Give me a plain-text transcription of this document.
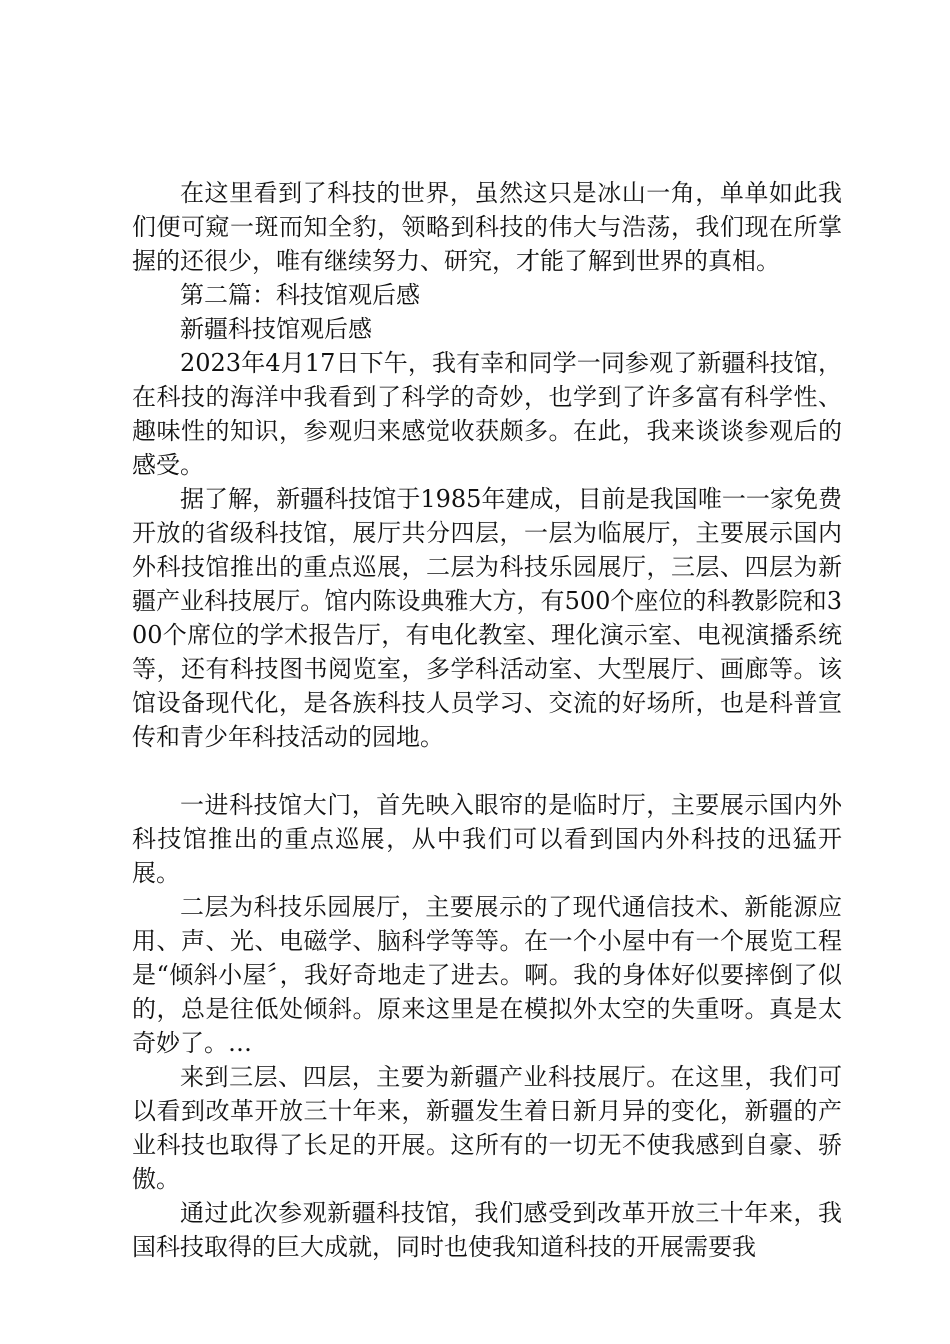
在这里看到了科技的世界，虽然这只是冰山一角，单单如此我们便可窥一斑而知全豹，领略到科技的伟大与浩荡，我们现在所掌握的还很少，唯有继续努力、研究，才能了解到世界的真相。

第二篇：科技馆观后感

新疆科技馆观后感

2023年4月17日下午，我有幸和同学一同参观了新疆科技馆，在科技的海洋中我看到了科学的奇妙，也学到了许多富有科学性、趣味性的知识，参观归来感觉收获颇多。在此，我来谈谈参观后的感受。

据了解，新疆科技馆于1985年建成，目前是我国唯一一家免费开放的省级科技馆，展厅共分四层，一层为临展厅，主要展示国内外科技馆推出的重点巡展，二层为科技乐园展厅，三层、四层为新疆产业科技展厅。馆内陈设典雅大方，有500个座位的科教影院和300个席位的学术报告厅，有电化教室、理化演示室、电视演播系统等，还有科技图书阅览室，多学科活动室、大型展厅、画廊等。该馆设备现代化，是各族科技人员学习、交流的好场所，也是科普宣传和青少年科技活动的园地。

一进科技馆大门，首先映入眼帘的是临时厅，主要展示国内外科技馆推出的重点巡展，从中我们可以看到国内外科技的迅猛开展。

二层为科技乐园展厅，主要展示的了现代通信技术、新能源应用、声、光、电磁学、脑科学等等。在一个小屋中有一个展览工程是“倾斜小屋〞，我好奇地走了进去。啊。我的身体好似要摔倒了似的，总是往低处倾斜。原来这里是在模拟外太空的失重呀。真是太奇妙了。…

来到三层、四层，主要为新疆产业科技展厅。在这里，我们可以看到改革开放三十年来，新疆发生着日新月异的变化，新疆的产业科技也取得了长足的开展。这所有的一切无不使我感到自豪、骄傲。

通过此次参观新疆科技馆，我们感受到改革开放三十年来，我国科技取得的巨大成就，同时也使我知道科技的开展需要我
